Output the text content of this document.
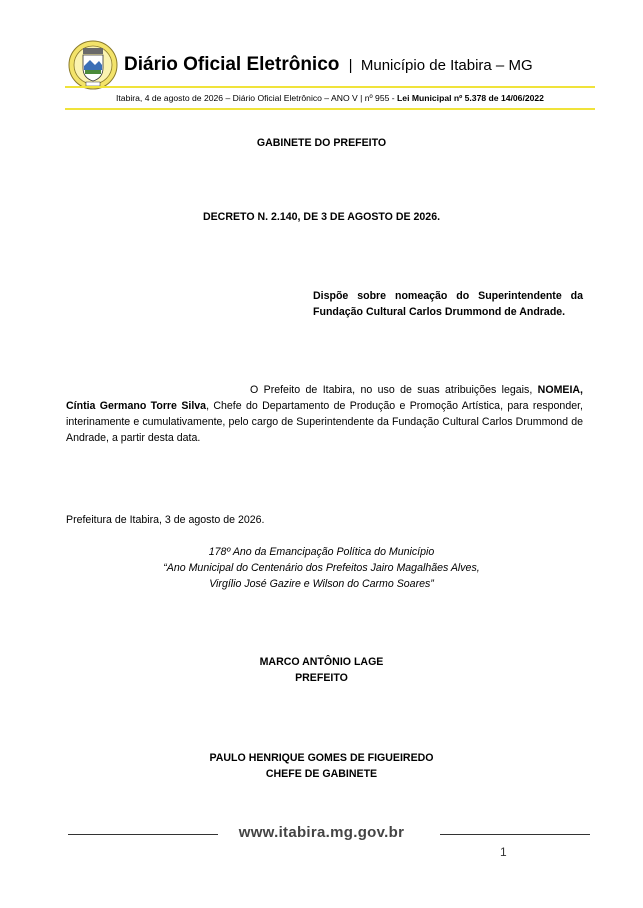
Diário Oficial Eletrônico | Município de Itabira – MG
Itabira, 4 de agosto de 2026 – Diário Oficial Eletrônico – ANO V | nº 955 - Lei Municipal nº 5.378 de 14/06/2022
GABINETE DO PREFEITO
DECRETO N. 2.140, DE 3 DE AGOSTO DE 2026.
Dispõe sobre nomeação do Superintendente da Fundação Cultural Carlos Drummond de Andrade.
O Prefeito de Itabira, no uso de suas atribuições legais, NOMEIA, Cíntia Germano Torre Silva, Chefe do Departamento de Produção e Promoção Artística, para responder, interinamente e cumulativamente, pelo cargo de Superintendente da Fundação Cultural Carlos Drummond de Andrade, a partir desta data.
Prefeitura de Itabira, 3 de agosto de 2026.
178º Ano da Emancipação Política do Município
“Ano Municipal do Centenário dos Prefeitos Jairo Magalhães Alves,
Virgílio José Gazire e Wilson do Carmo Soares”
MARCO ANTÔNIO LAGE
PREFEITO
PAULO HENRIQUE GOMES DE FIGUEIREDO
CHEFE DE GABINETE
www.itabira.mg.gov.br
1
